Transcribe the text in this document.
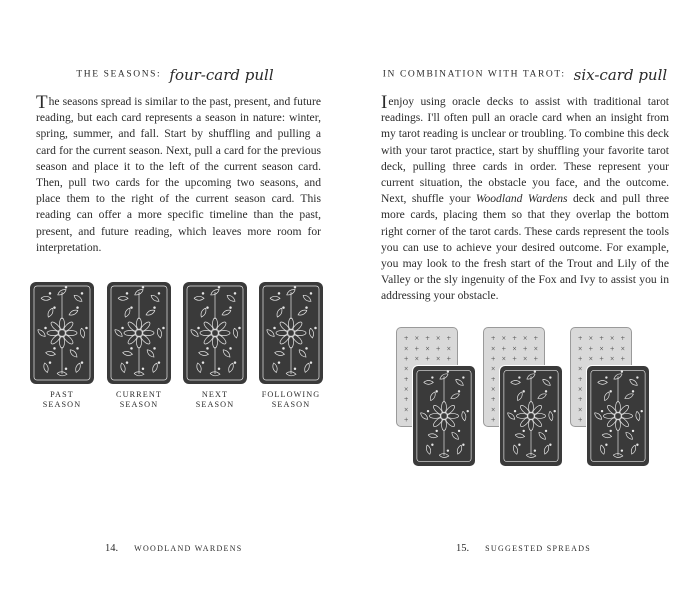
THE SEASONS: four-card pull
The seasons spread is similar to the past, present, and future reading, but each card represents a season in nature: winter, spring, summer, and fall. Start by shuffling and pulling a card for the current season. Next, pull a card for the previous season and place it to the left of the current season card. Then, pull two cards for the upcoming two seasons, and place them to the right of the current season card. This reading can offer a more specific timeline than the past, present, and future reading, which leaves more room for interpretation.
PAST
SEASON
CURRENT
SEASON
NEXT
SEASON
FOLLOWING
SEASON
14. WOODLAND WARDENS
IN COMBINATION WITH TAROT: six-card pull
I enjoy using oracle decks to assist with traditional tarot readings. I'll often pull an oracle card when an insight from my tarot reading is unclear or troubling. To combine this deck with your tarot practice, start by shuffling your favorite tarot deck, pulling three cards in order. These represent your current situation, the obstacle you face, and the outcome. Next, shuffle your Woodland Wardens deck and pull three more cards, placing them so that they overlap the bottom right corner of the tarot cards. These cards represent the tools you can use to achieve your desired outcome. For example, you may look to the fresh start of the Trout and Lily of the Valley or the sly ingenuity of the Fox and Ivy to assist you in addressing your obstacle.
+ × + × +
× + × + ×
+ × + × +
×
+
×
+
×
+
+ × + × +
× + × + ×
+ × + × +
×
+
×
+
×
+
+ × + × +
× + × + ×
+ × + × +
×
+
×
+
×
+
15. SUGGESTED SPREADS
